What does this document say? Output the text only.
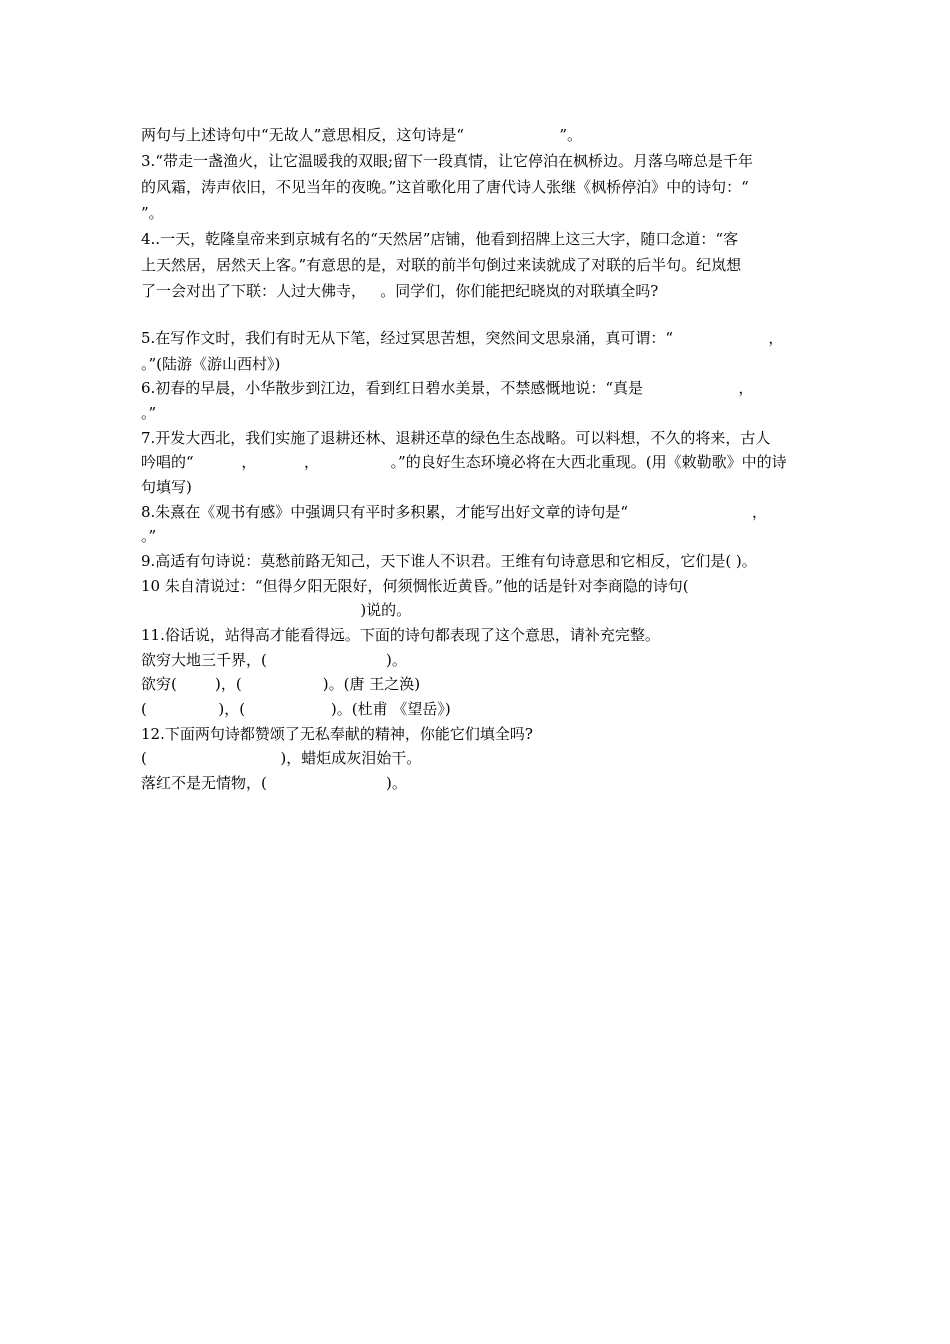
两句与上述诗句中“无故人”意思相反，这句诗是“                    ”。
3.“带走一盏渔火，让它温暖我的双眼;留下一段真情，让它停泊在枫桥边。月落乌啼总是千年
的风霜，涛声依旧，不见当年的夜晚。”这首歌化用了唐代诗人张继《枫桥停泊》中的诗句：“
”。
4..一天，乾隆皇帝来到京城有名的“天然居”店铺，他看到招牌上这三大字，随口念道：“客
上天然居，居然天上客。”有意思的是，对联的前半句倒过来读就成了对联的后半句。纪岚想
了一会对出了下联：人过大佛寺，   。同学们，你们能把纪晓岚的对联填全吗?
5.在写作文时，我们有时无从下笔，经过冥思苦想，突然间文思泉涌，真可谓：“                    ，
。”(陆游《游山西村》)
6.初春的早晨，小华散步到江边，看到红日碧水美景，不禁感慨地说：“真是                    ，
。”
7.开发大西北，我们实施了退耕还林、退耕还草的绿色生态战略。可以料想，不久的将来，古人
吟唱的“          ，          ，               。”的良好生态环境必将在大西北重现。(用《敕勒歌》中的诗
句填写)
8.朱熹在《观书有感》中强调只有平时多积累，才能写出好文章的诗句是“                          ，
。”
9.高适有句诗说：莫愁前路无知己，天下谁人不识君。王维有句诗意思和它相反，它们是( )。
10 朱自清说过：“但得夕阳无限好，何须惆怅近黄昏。”他的话是针对李商隐的诗句(
)说的。
11.俗话说，站得高才能看得远。下面的诗句都表现了这个意思，请补充完整。
欲穷大地三千界，(                         )。
欲穷(        )，(                 )。(唐 王之涣)
(               )，(                  )。(杜甫 《望岳》)
12.下面两句诗都赞颂了无私奉献的精神，你能它们填全吗?
(                            )，蜡炬成灰泪始干。
落红不是无情物，(                         )。
